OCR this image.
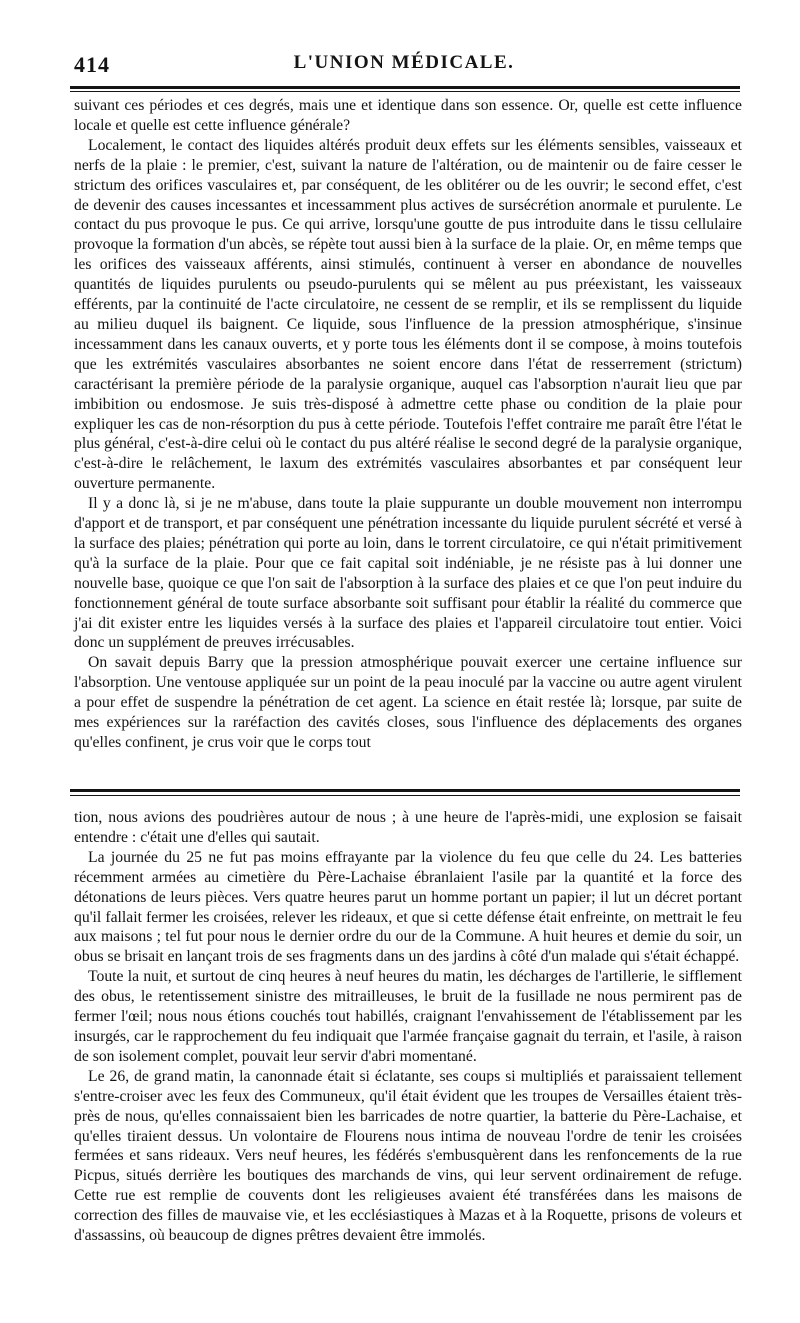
414	L'UNION MÉDICALE.

suivant ces périodes et ces degrés, mais une et identique dans son essence. Or, quelle est cette influence locale et quelle est cette influence générale?

Localement, le contact des liquides altérés produit deux effets sur les éléments sensibles, vaisseaux et nerfs de la plaie : le premier, c'est, suivant la nature de l'altération, ou de maintenir ou de faire cesser le strictum des orifices vasculaires et, par conséquent, de les oblitérer ou de les ouvrir; le second effet, c'est de devenir des causes incessantes et incessamment plus actives de sursécrétion anormale et purulente. Le contact du pus provoque le pus. Ce qui arrive, lorsqu'une goutte de pus introduite dans le tissu cellulaire provoque la formation d'un abcès, se répète tout aussi bien à la surface de la plaie. Or, en même temps que les orifices des vaisseaux afférents, ainsi stimulés, continuent à verser en abondance de nouvelles quantités de liquides purulents ou pseudo-purulents qui se mêlent au pus préexistant, les vaisseaux efférents, par la continuité de l'acte circulatoire, ne cessent de se remplir, et ils se remplissent du liquide au milieu duquel ils baignent. Ce liquide, sous l'influence de la pression atmosphérique, s'insinue incessamment dans les canaux ouverts, et y porte tous les éléments dont il se compose, à moins toutefois que les extrémités vasculaires absorbantes ne soient encore dans l'état de resserrement (strictum) caractérisant la première période de la paralysie organique, auquel cas l'absorption n'aurait lieu que par imbibition ou endosmose. Je suis très-disposé à admettre cette phase ou condition de la plaie pour expliquer les cas de non-résorption du pus à cette période. Toutefois l'effet contraire me paraît être l'état le plus général, c'est-à-dire celui où le contact du pus altéré réalise le second degré de la paralysie organique, c'est-à-dire le relâchement, le laxum des extrémités vasculaires absorbantes et par conséquent leur ouverture permanente.

Il y a donc là, si je ne m'abuse, dans toute la plaie suppurante un double mouvement non interrompu d'apport et de transport, et par conséquent une pénétration incessante du liquide purulent sécrété et versé à la surface des plaies; pénétration qui porte au loin, dans le torrent circulatoire, ce qui n'était primitivement qu'à la surface de la plaie. Pour que ce fait capital soit indéniable, je ne résiste pas à lui donner une nouvelle base, quoique ce que l'on sait de l'absorption à la surface des plaies et ce que l'on peut induire du fonctionnement général de toute surface absorbante soit suffisant pour établir la réalité du commerce que j'ai dit exister entre les liquides versés à la surface des plaies et l'appareil circulatoire tout entier. Voici donc un supplément de preuves irrécusables.

On savait depuis Barry que la pression atmosphérique pouvait exercer une certaine influence sur l'absorption. Une ventouse appliquée sur un point de la peau inoculé par la vaccine ou autre agent virulent a pour effet de suspendre la pénétration de cet agent. La science en était restée là; lorsque, par suite de mes expériences sur la raréfaction des cavités closes, sous l'influence des déplacements des organes qu'elles confinent, je crus voir que le corps tout

tion, nous avions des poudrières autour de nous ; à une heure de l'après-midi, une explosion se faisait entendre : c'était une d'elles qui sautait.

La journée du 25 ne fut pas moins effrayante par la violence du feu que celle du 24. Les batteries récemment armées au cimetière du Père-Lachaise ébranlaient l'asile par la quantité et la force des détonations de leurs pièces. Vers quatre heures parut un homme portant un papier; il lut un décret portant qu'il fallait fermer les croisées, relever les rideaux, et que si cette défense était enfreinte, on mettrait le feu aux maisons ; tel fut pour nous le dernier ordre du our de la Commune. A huit heures et demie du soir, un obus se brisait en lançant trois de ses fragments dans un des jardins à côté d'un malade qui s'était échappé.

Toute la nuit, et surtout de cinq heures à neuf heures du matin, les décharges de l'artillerie, le sifflement des obus, le retentissement sinistre des mitrailleuses, le bruit de la fusillade ne nous permirent pas de fermer l'œil; nous nous étions couchés tout habillés, craignant l'envahissement de l'établissement par les insurgés, car le rapprochement du feu indiquait que l'armée française gagnait du terrain, et l'asile, à raison de son isolement complet, pouvait leur servir d'abri momentané.

Le 26, de grand matin, la canonnade était si éclatante, ses coups si multipliés et paraissaient tellement s'entre-croiser avec les feux des Communeux, qu'il était évident que les troupes de Versailles étaient très-près de nous, qu'elles connaissaient bien les barricades de notre quartier, la batterie du Père-Lachaise, et qu'elles tiraient dessus. Un volontaire de Flourens nous intima de nouveau l'ordre de tenir les croisées fermées et sans rideaux. Vers neuf heures, les fédérés s'embusquèrent dans les renfoncements de la rue Picpus, situés derrière les boutiques des marchands de vins, qui leur servent ordinairement de refuge. Cette rue est remplie de couvents dont les religieuses avaient été transférées dans les maisons de correction des filles de mauvaise vie, et les ecclésiastiques à Mazas et à la Roquette, prisons de voleurs et d'assassins, où beaucoup de dignes prêtres devaient être immolés.
